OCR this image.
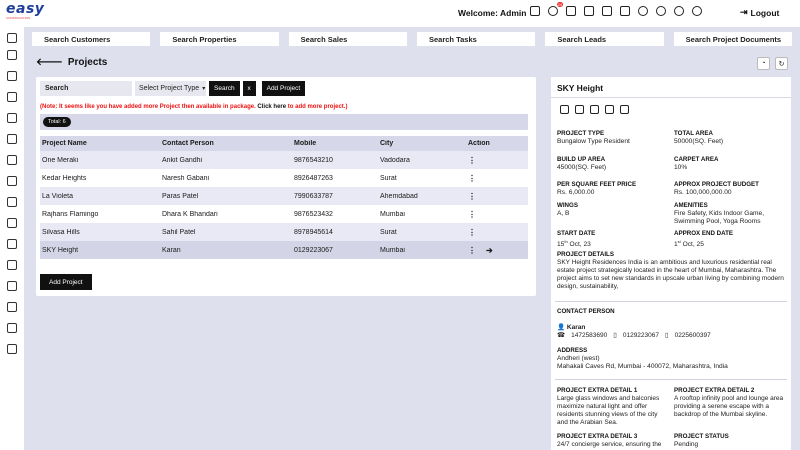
easy
CONSTRUCTION	Welcome: Admin
24
⇥ Logout
Search Customers	Search Properties	Search Sales	Search Tasks	Search Leads	Search Project Documents
🡐 Projects	◔	↻
Search	Select Project Type ▾	Search	x	Add Project
(Note: It seems like you have added more Project then available in package. Click here to add more project.)
Total: 6
Project Name	Contact Person	Mobile	City	Action
One Meraki	Ankit Gandhi	9876543210	Vadodara	⋮
Kedar Heights	Naresh Gabani	8926487263	Surat	⋮
La Violeta	Paras Patel	7990633787	Ahemdabad	⋮
Rajhans Flamingo	Dhara K Bhandari	9876523432	Mumbai	⋮
Silvasa Hills	Sahil Patel	8978945614	Surat	⋮
SKY Height	Karan	0129223067	Mumbai	⋮ ➔
Add Project
SKY Height
PROJECT TYPE
Bungalow Type Resident
TOTAL AREA
50000(SQ. Feet)
BUILD UP AREA
45000(SQ. Feet)
CARPET AREA
10%
PER SQUARE FEET PRICE
Rs. 6,000.00
APPROX PROJECT BUDGET
Rs. 100,000,000.00
WINGS
A, B
AMENITIES
Fire Safety, Kids Indoor Game, Swimming Pool, Yoga Rooms
START DATE
15th Oct, 23
APPROX END DATE
1st Oct, 25
PROJECT DETAILS
SKY Height Residences India is an ambitious and luxurious residential real estate project strategically located in the heart of Mumbai, Maharashtra. The project aims to set new standards in upscale urban living by combining modern design, sustainability,
CONTACT PERSON
👤 Karan
☎ 1472583690 ▯ 0129223067 ▯ 0225600397
ADDRESS
Andheri (west)
Mahakali Caves Rd, Mumbai - 400072, Maharashtra, India
PROJECT EXTRA DETAIL 1
Large glass windows and balconies maximize natural light and offer residents stunning views of the city and the Arabian Sea.
PROJECT EXTRA DETAIL 2
A rooftop infinity pool and lounge area providing a serene escape with a backdrop of the Mumbai skyline.
PROJECT EXTRA DETAIL 3
24/7 concierge service, ensuring the
PROJECT STATUS
Pending
